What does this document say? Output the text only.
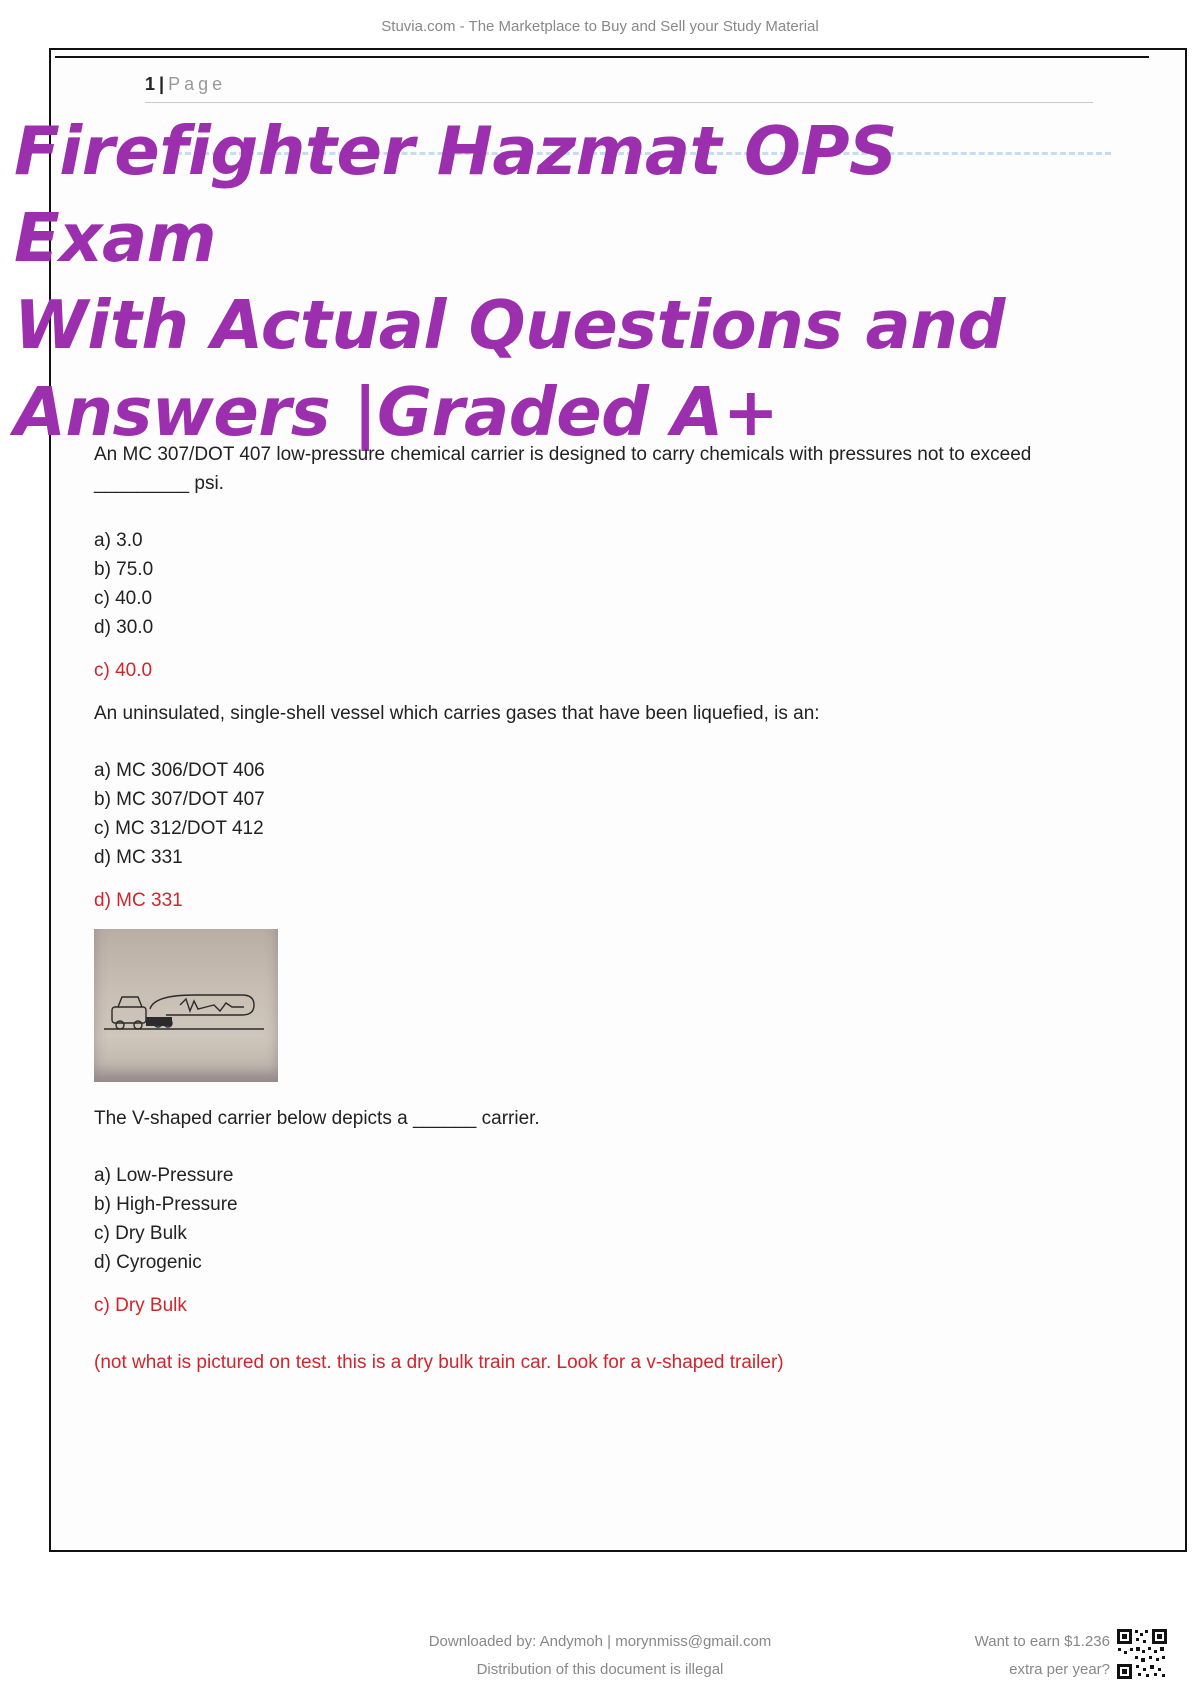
Stuvia.com - The Marketplace to Buy and Sell your Study Material
1 | Page
Firefighter Hazmat OPS Exam
With Actual Questions and
Answers |Graded A+

An MC 307/DOT 407 low-pressure chemical carrier is designed to carry chemicals with pressures not to exceed _________ psi.

a) 3.0
b) 75.0
c) 40.0
d) 30.0

c) 40.0

An uninsulated, single-shell vessel which carries gases that have been liquefied, is an:

a) MC 306/DOT 406
b) MC 307/DOT 407
c) MC 312/DOT 412
d) MC 331

d) MC 331

The V-shaped carrier below depicts a ______ carrier.

a) Low-Pressure
b) High-Pressure
c) Dry Bulk
d) Cyrogenic

c) Dry Bulk

(not what is pictured on test. this is a dry bulk train car. Look for a v-shaped trailer)

Downloaded by: Andymoh | morynmiss@gmail.com
Distribution of this document is illegal
Want to earn $1.236
extra per year?
